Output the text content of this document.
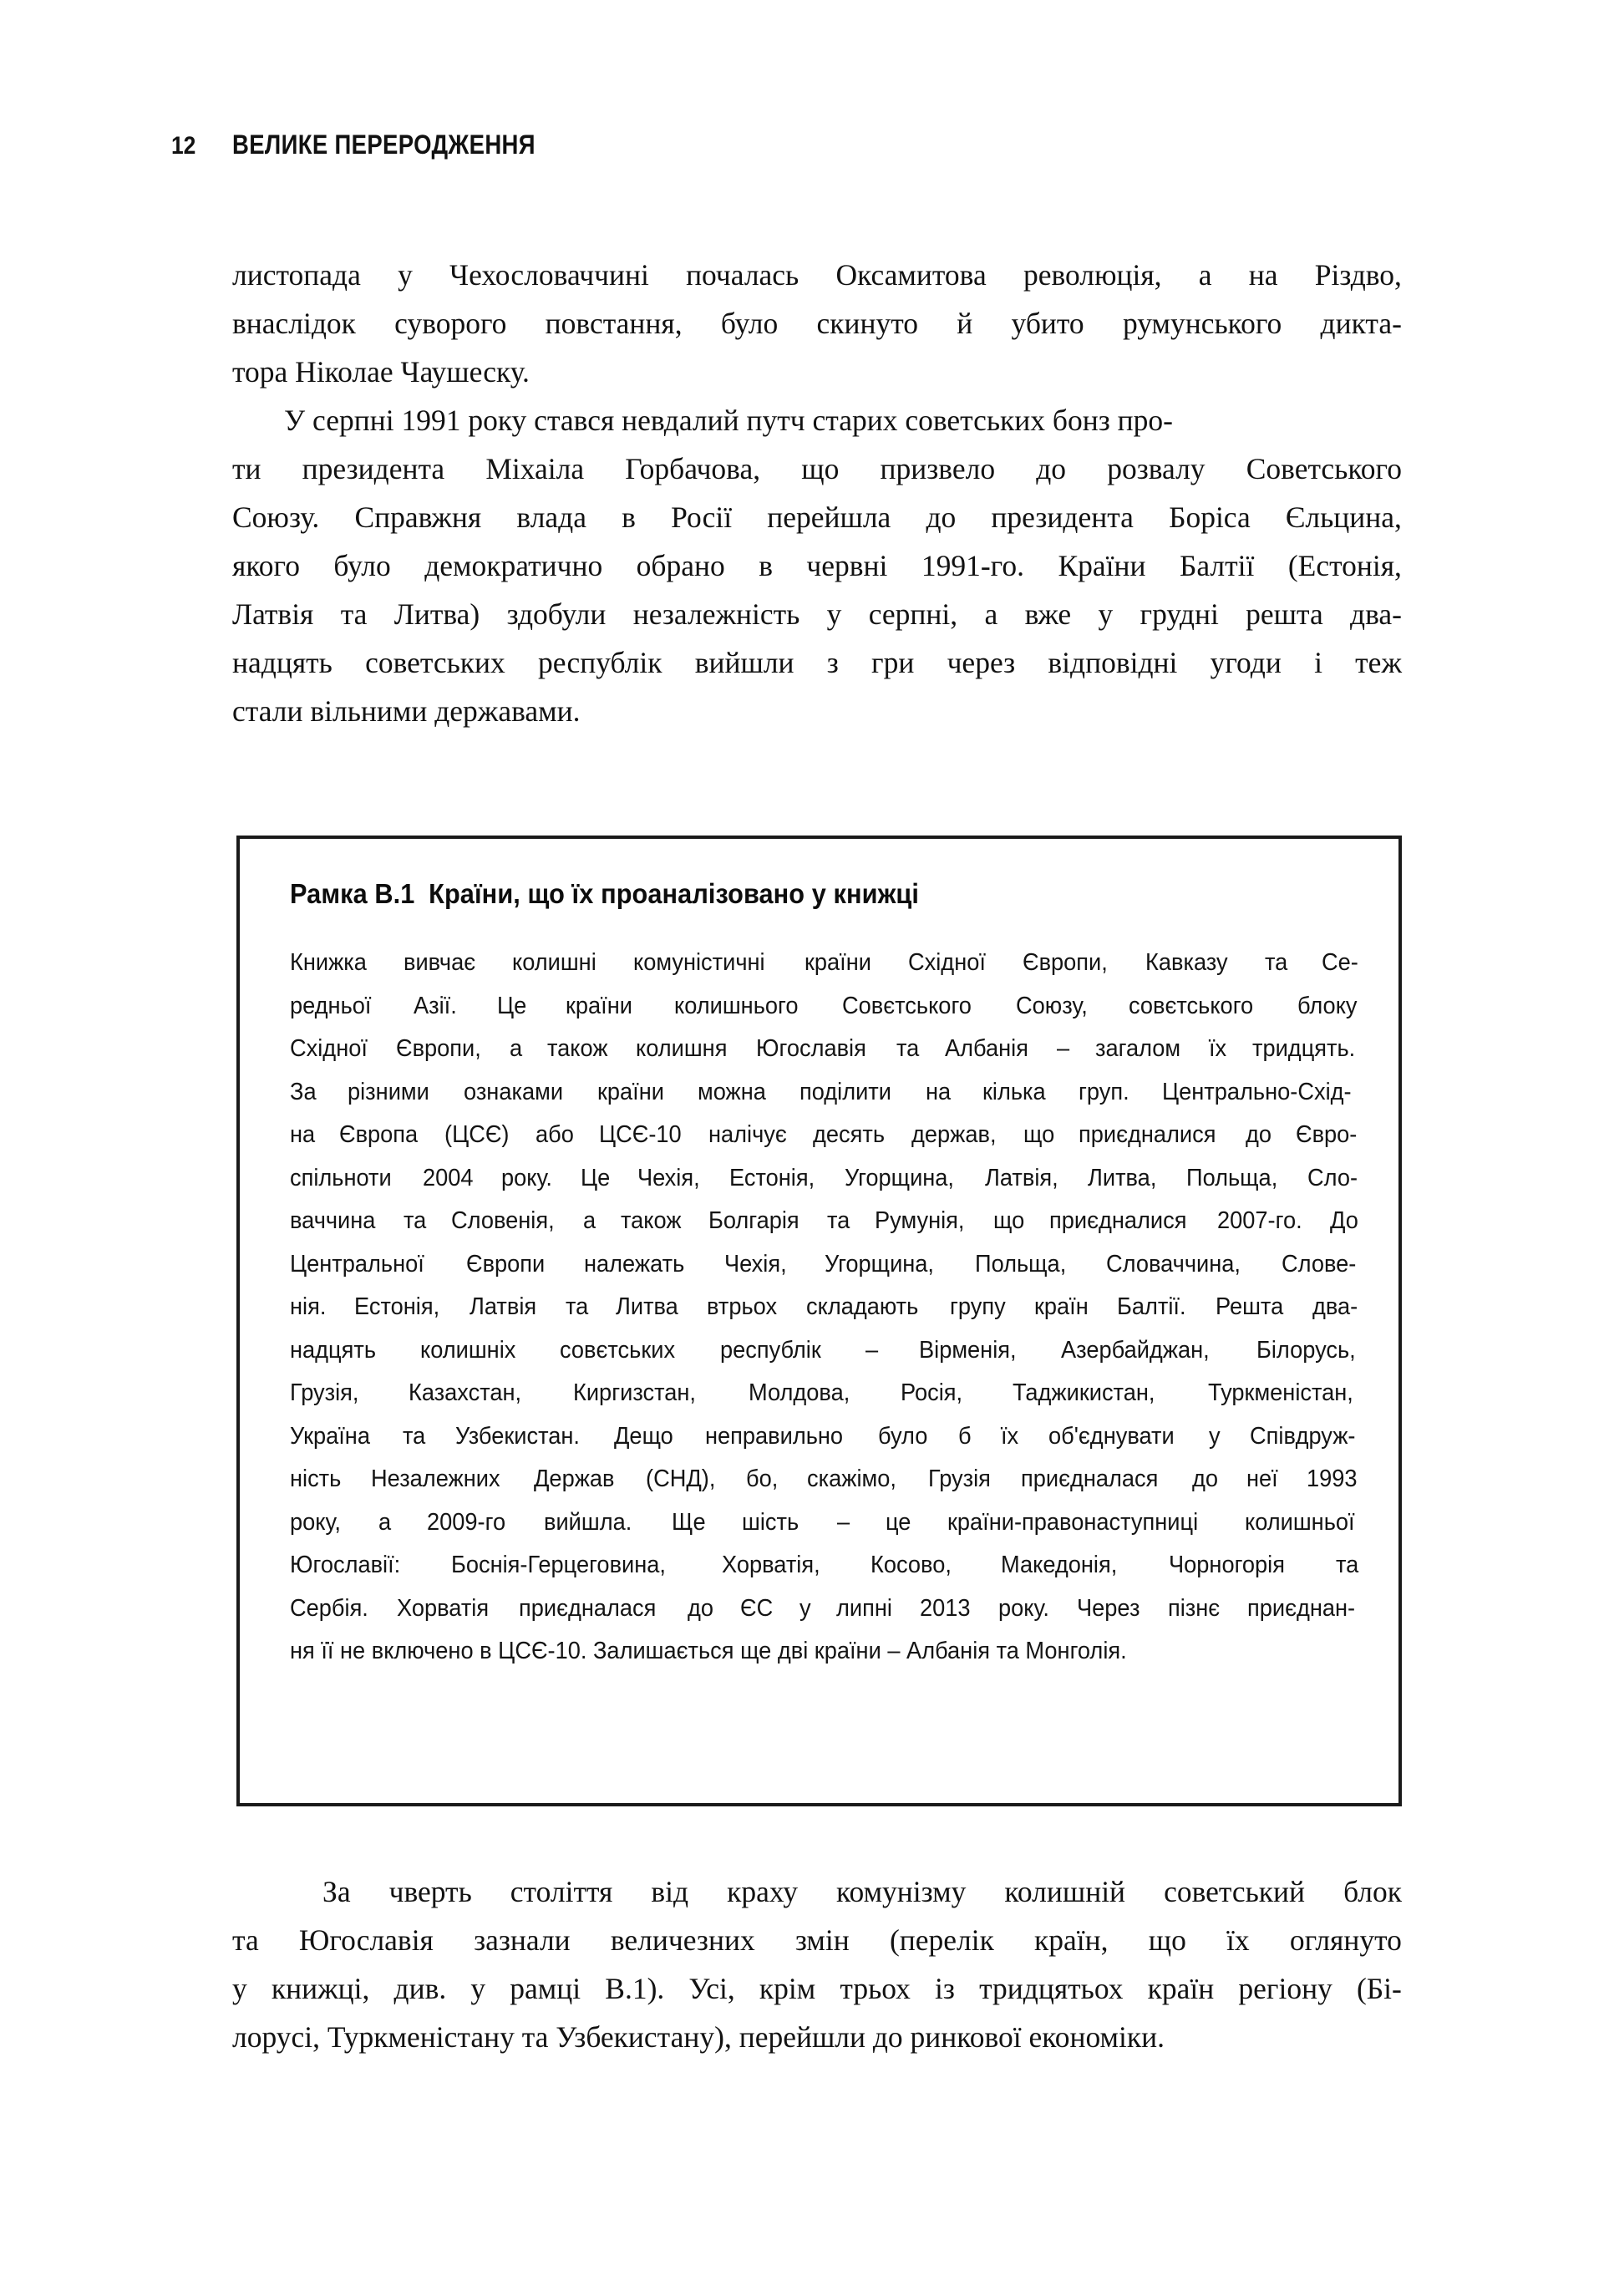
12 ВЕЛИКЕ ПЕРЕРОДЖЕННЯ

листопада у Чехословаччині почалась Оксамитова революція, а на Різдво,
внаслідок суворого повстання, було скинуто й убито румунського дикта-
тора Ніколае Чаушеску.

У серпні 1991 року стався невдалий путч старих советських бонз про-
ти президента Міхаіла Горбачова, що призвело до розвалу Советського
Союзу. Справжня влада в Росії перейшла до президента Боріса Єльцина,
якого було демократично обрано в червні 1991-го. Країни Балтії (Естонія,
Латвія та Литва) здобули незалежність у серпні, а вже у грудні решта два-
надцять советських республік вийшли з гри через відповідні угоди і теж
стали вільними державами.

Рамка В.1 Країни, що їх проаналізовано у книжці
Книжка вивчає колишні комуністичні країни Східної Європи, Кавказу та Се-
редньої Азії. Це країни колишнього Совєтського Союзу, совєтського блоку
Східної Європи, а також колишня Югославія та Албанія – загалом їх тридцять.
За різними ознаками країни можна поділити на кілька груп. Центрально-Схід-
на Європа (ЦСЄ) або ЦСЄ-10 налічує десять держав, що приєдналися до Євро-
спільноти 2004 року. Це Чехія, Естонія, Угорщина, Латвія, Литва, Польща, Сло-
ваччина та Словенія, а також Болгарія та Румунія, що приєдналися 2007-го. До
Центральної Європи належать Чехія, Угорщина, Польща, Словаччина, Слове-
нія. Естонія, Латвія та Литва втрьох складають групу країн Балтії. Решта два-
надцять колишніх совєтських республік – Вірменія, Азербайджан, Білорусь,
Грузія, Казахстан, Киргизстан, Молдова, Росія, Таджикистан, Туркменістан,
Україна та Узбекистан. Дещо неправильно було б їх об'єднувати у Співдруж-
ність Незалежних Держав (СНД), бо, скажімо, Грузія приєдналася до неї 1993
року, а 2009-го вийшла. Ще шість – це країни-правонаступниці колишньої
Югославії: Боснія-Герцеговина, Хорватія, Косово, Македонія, Чорногорія та
Сербія. Хорватія приєдналася до ЄС у липні 2013 року. Через пізнє приєднан-
ня її не включено в ЦСЄ-10. Залишається ще дві країни – Албанія та Монголія.

За чверть століття від краху комунізму колишній советський блок
та Югославія зазнали величезних змін (перелік країн, що їх оглянуто
у книжці, див. у рамці В.1). Усі, крім трьох із тридцятьох країн регіону (Бі-
лорусі, Туркменістану та Узбекистану), перейшли до ринкової економіки.
